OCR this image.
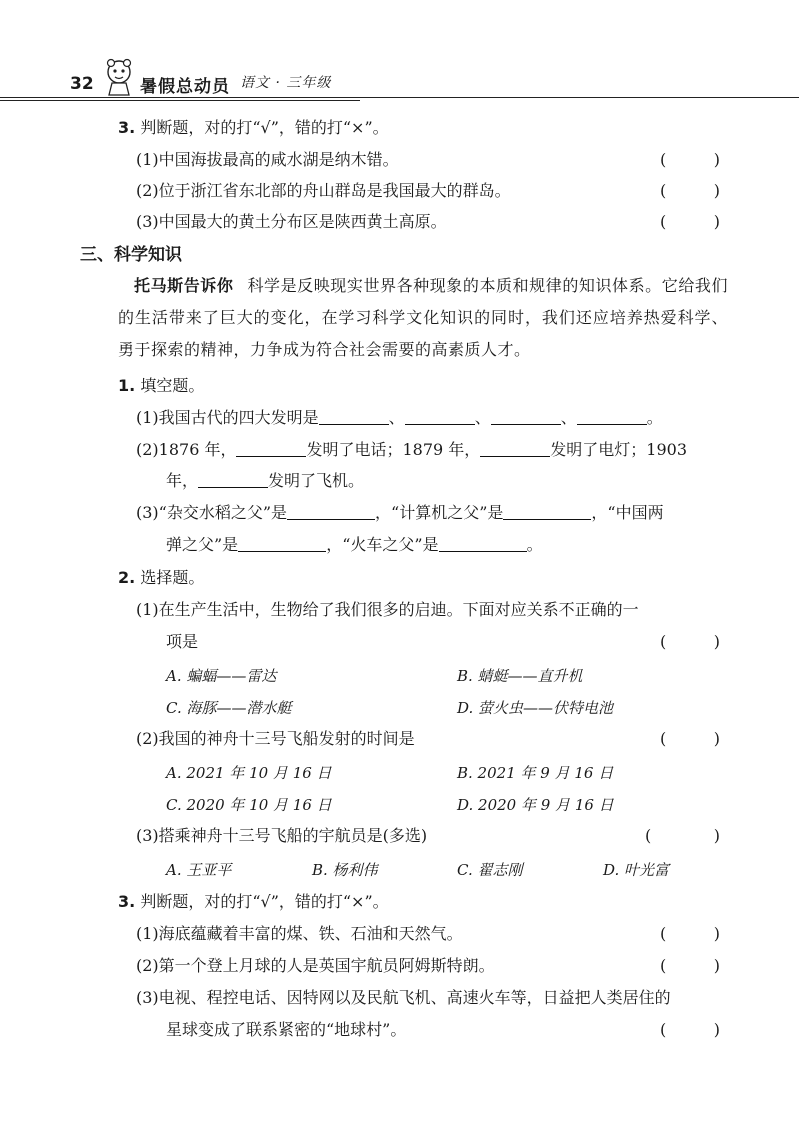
32	暑假总动员 语文 · 三年级
3. 判断题，对的打“√”，错的打“×”。
(1)中国海拔最高的咸水湖是纳木错。	(	)
(2)位于浙江省东北部的舟山群岛是我国最大的群岛。	(	)
(3)中国最大的黄土分布区是陕西黄土高原。	(	)
三、科学知识
托马斯告诉你 科学是反映现实世界各种现象的本质和规律的知识体系。它给我们的生活带来了巨大的变化，在学习科学文化知识的同时，我们还应培养热爱科学、勇于探索的精神，力争成为符合社会需要的高素质人才。
1. 填空题。
(1)我国古代的四大发明是	、	、	、	。
(2)1876 年，	发明了电话；1879 年，	发明了电灯；1903
年，	发明了飞机。
(3)“杂交水稻之父”是	，“计算机之父”是	，“中国两
弹之父”是	，“火车之父”是	。
2. 选择题。
(1)在生产生活中，生物给了我们很多的启迪。下面对应关系不正确的一
项是	(	)
A. 蝙蝠——雷达	B. 蜻蜓——直升机
C. 海豚——潜水艇	D. 萤火虫——伏特电池
(2)我国的神舟十三号飞船发射的时间是	(	)
A. 2021 年 10 月 16 日	B. 2021 年 9 月 16 日
C. 2020 年 10 月 16 日	D. 2020 年 9 月 16 日
(3)搭乘神舟十三号飞船的宇航员是(多选)	(	)
A. 王亚平	B. 杨利伟	C. 翟志刚	D. 叶光富
3. 判断题，对的打“√”，错的打“×”。
(1)海底蕴藏着丰富的煤、铁、石油和天然气。	(	)
(2)第一个登上月球的人是英国宇航员阿姆斯特朗。	(	)
(3)电视、程控电话、因特网以及民航飞机、高速火车等，日益把人类居住的
星球变成了联系紧密的“地球村”。	(	)
